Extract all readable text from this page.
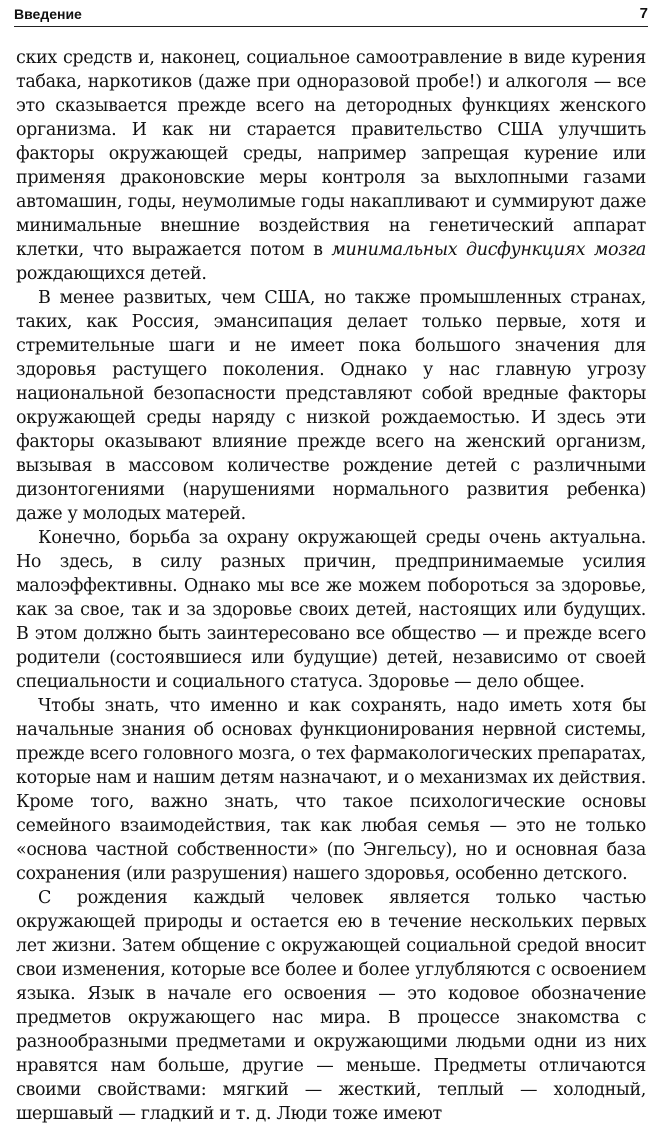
Введение	7

ских средств и, наконец, социальное самоотравление в виде курения табака, наркотиков (даже при одноразовой пробе!) и алкоголя — все это сказывается прежде всего на детородных функциях женского организма. И как ни старается правительство США улучшить факторы окружающей среды, например запрещая курение или применяя драконовские меры контроля за выхлопными газами автомашин, годы, неумолимые годы накапливают и суммируют даже минимальные внешние воздействия на генетический аппарат клетки, что выражается потом в минимальных дисфункциях мозга рождающихся детей.

В менее развитых, чем США, но также промышленных странах, таких, как Россия, эмансипация делает только первые, хотя и стремительные шаги и не имеет пока большого значения для здоровья растущего поколения. Однако у нас главную угрозу национальной безопасности представляют собой вредные факторы окружающей среды наряду с низкой рождаемостью. И здесь эти факторы оказывают влияние прежде всего на женский организм, вызывая в массовом количестве рождение детей с различными дизонтогениями (нарушениями нормального развития ребенка) даже у молодых матерей.

Конечно, борьба за охрану окружающей среды очень актуальна. Но здесь, в силу разных причин, предпринимаемые усилия малоэффективны. Однако мы все же можем побороться за здоровье, как за свое, так и за здоровье своих детей, настоящих или будущих. В этом должно быть заинтересовано все общество — и прежде всего родители (состоявшиеся или будущие) детей, независимо от своей специальности и социального статуса. Здоровье — дело общее.

Чтобы знать, что именно и как сохранять, надо иметь хотя бы начальные знания об основах функционирования нервной системы, прежде всего головного мозга, о тех фармакологических препаратах, которые нам и нашим детям назначают, и о механизмах их действия. Кроме того, важно знать, что такое психологические основы семейного взаимодействия, так как любая семья — это не только «основа частной собственности» (по Энгельсу), но и основная база сохранения (или разрушения) нашего здоровья, особенно детского.

С рождения каждый человек является только частью окружающей природы и остается ею в течение нескольких первых лет жизни. Затем общение с окружающей социальной средой вносит свои изменения, которые все более и более углубляются с освоением языка. Язык в начале его освоения — это кодовое обозначение предметов окружающего нас мира. В процессе знакомства с разнообразными предметами и окружающими людьми одни из них нравятся нам больше, другие — меньше. Предметы отличаются своими свойствами: мягкий — жесткий, теплый — холодный, шершавый — гладкий и т. д. Люди тоже имеют
